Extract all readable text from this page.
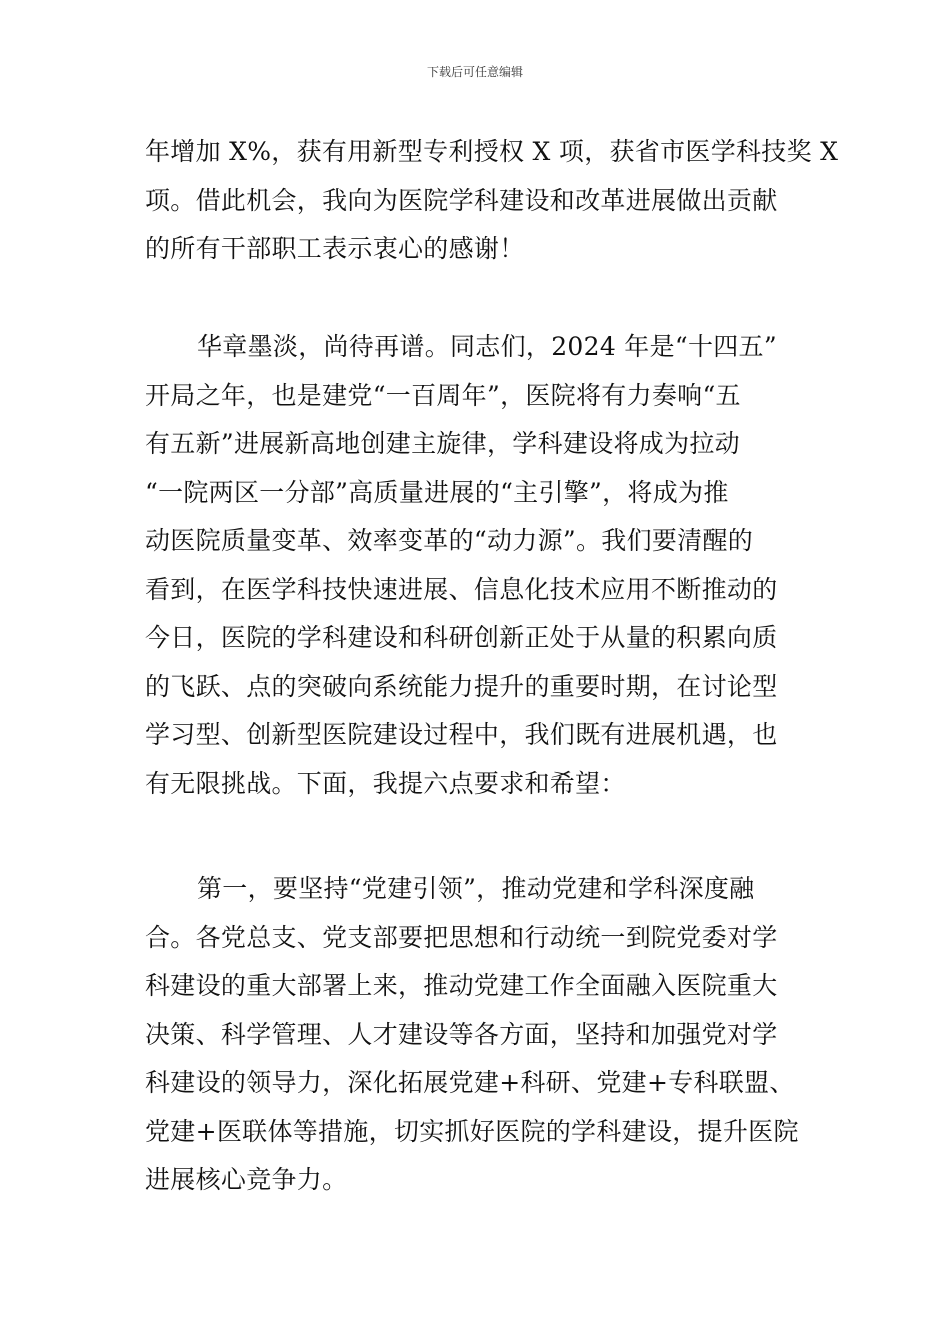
下载后可任意编辑
年增加 X%，获有用新型专利授权 X 项，获省市医学科技奖 X
项。借此机会，我向为医院学科建设和改革进展做出贡献
的所有干部职工表示衷心的感谢！
华章墨淡，尚待再谱。同志们，2024 年是“十四五”
开局之年，也是建党“一百周年”，医院将有力奏响“五
有五新”进展新高地创建主旋律，学科建设将成为拉动
“一院两区一分部”高质量进展的“主引擎”，将成为推
动医院质量变革、效率变革的“动力源”。我们要清醒的
看到，在医学科技快速进展、信息化技术应用不断推动的
今日，医院的学科建设和科研创新正处于从量的积累向质
的飞跃、点的突破向系统能力提升的重要时期，在讨论型
学习型、创新型医院建设过程中，我们既有进展机遇，也
有无限挑战。下面，我提六点要求和希望：
第一，要坚持“党建引领”，推动党建和学科深度融
合。各党总支、党支部要把思想和行动统一到院党委对学
科建设的重大部署上来，推动党建工作全面融入医院重大
决策、科学管理、人才建设等各方面，坚持和加强党对学
科建设的领导力，深化拓展党建+科研、党建+专科联盟、
党建+医联体等措施，切实抓好医院的学科建设，提升医院
进展核心竞争力。
